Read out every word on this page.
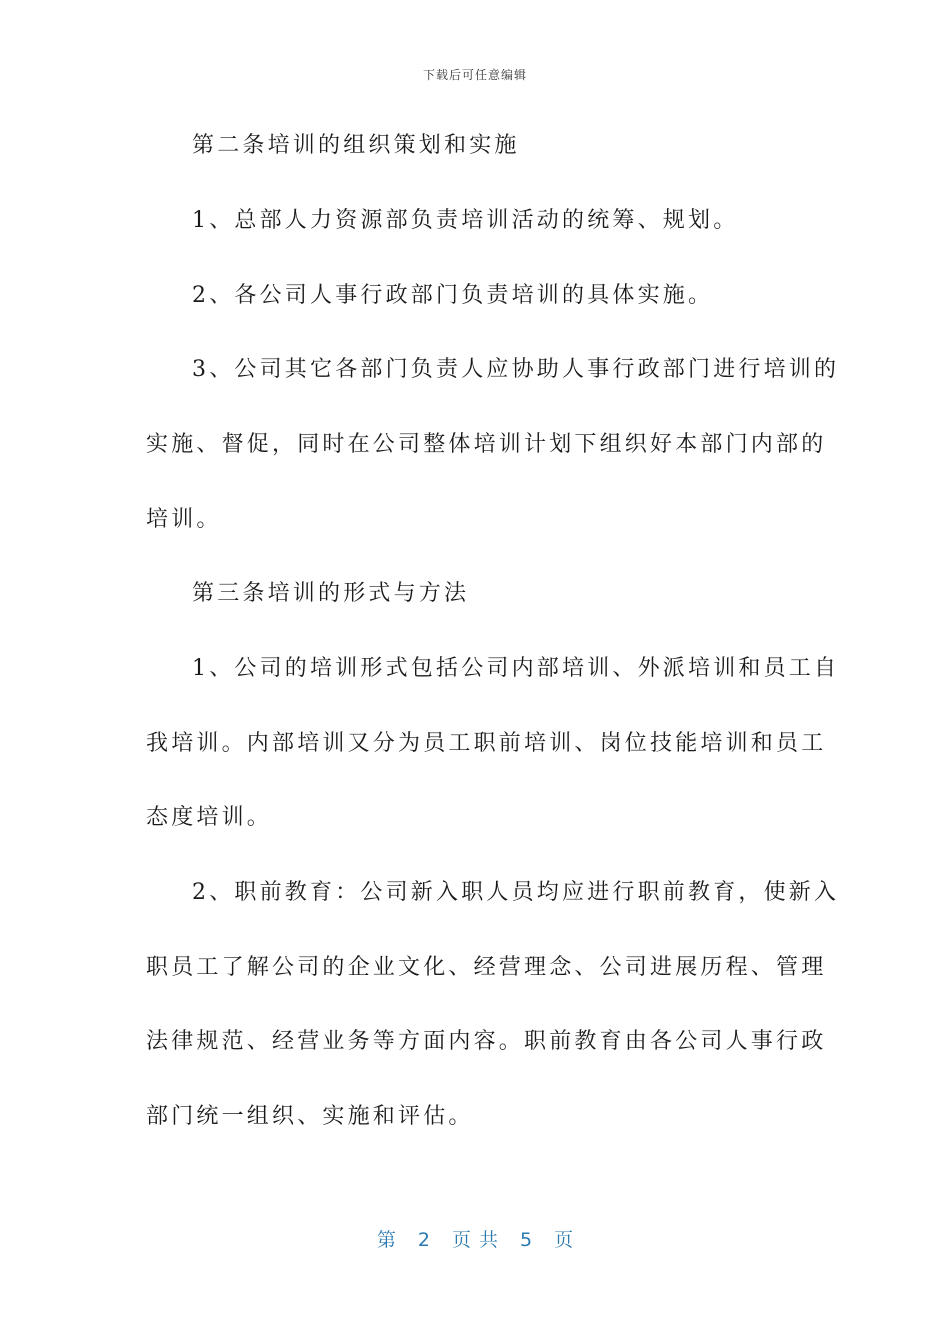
下载后可任意编辑
第二条培训的组织策划和实施
1、总部人力资源部负责培训活动的统筹、规划。
2、各公司人事行政部门负责培训的具体实施。
3、公司其它各部门负责人应协助人事行政部门进行培训的
实施、督促，同时在公司整体培训计划下组织好本部门内部的
培训。
第三条培训的形式与方法
1、公司的培训形式包括公司内部培训、外派培训和员工自
我培训。内部培训又分为员工职前培训、岗位技能培训和员工
态度培训。
2、职前教育：公司新入职人员均应进行职前教育，使新入
职员工了解公司的企业文化、经营理念、公司进展历程、管理
法律规范、经营业务等方面内容。职前教育由各公司人事行政
部门统一组织、实施和评估。
第 2 页共 5 页
